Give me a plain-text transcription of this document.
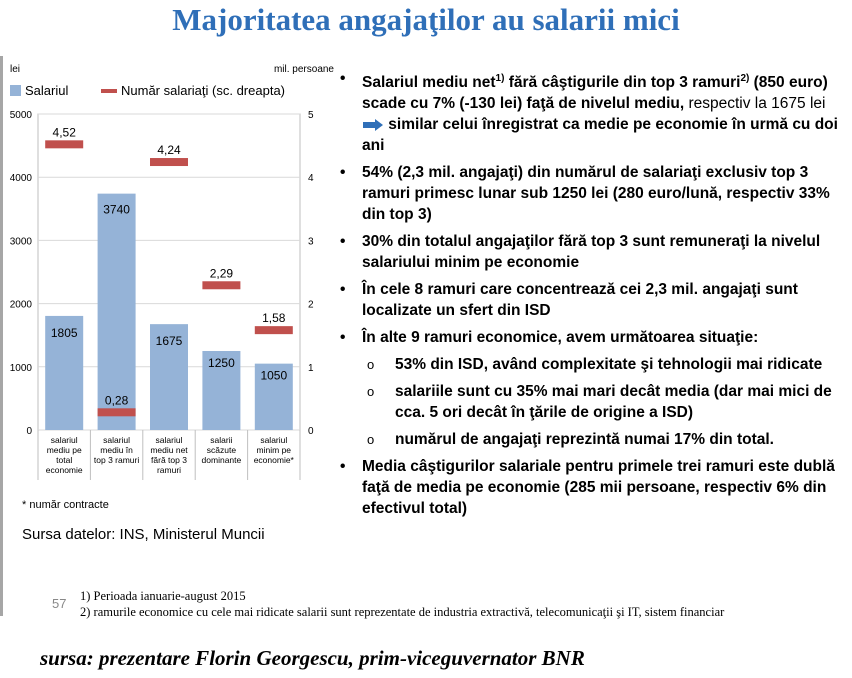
Majoritatea angajaţilor au salarii mici
lei	mil. persoane
Salariul	Număr salariaţi (sc. dreapta)
0
1000
2000
3000
4000
5000
0
1
2
3
4
5
1805
4,52
salariul
mediu pe
total
economie
3740
0,28
salariul
mediu în
top 3 ramuri
1675
4,24
salariul
mediu net
fără top 3
ramuri
1250
2,29
salarii
scăzute
dominante
1050
1,58
salariul
minim pe
economie*
* număr contracte
Sursa datelor: INS, Ministerul Muncii
• Salariul mediu net$^{1)}$ fără câştigurile din top 3 ramuri$^{2)}$ (850 euro) scade cu 7% (-130 lei) faţă de nivelul mediu, respectiv la 1675 lei  similar celui înregistrat ca medie pe economie în urmă cu doi ani
• 54% (2,3 mil. angajaţi) din numărul de salariaţi exclusiv top 3 ramuri primesc lunar sub 1250 lei (280 euro/lună, respectiv 33% din top 3)
• 30% din totalul angajaţilor fără top 3 sunt remuneraţi la nivelul salariului minim pe economie
• În cele 8 ramuri care concentrează cei 2,3 mil. angajaţi sunt localizate un sfert din ISD
• În alte 9 ramuri economice, avem următoarea situaţie:
o 53% din ISD, având complexitate şi tehnologii mai ridicate
o salariile sunt cu 35% mai mari decât media (dar mai mici de cca. 5 ori decât în ţările de origine a ISD)
o numărul de angajaţi reprezintă numai 17% din total.
• Media câştigurilor salariale pentru primele trei ramuri este dublă faţă de media pe economie (285 mii persoane, respectiv 6% din efectivul total)
57 1) Perioada ianuarie-august 2015
2) ramurile economice cu cele mai ridicate salarii sunt reprezentate de industria extractivă, telecomunicaţii şi IT, sistem financiar
sursa: prezentare Florin Georgescu, prim-viceguvernator BNR
